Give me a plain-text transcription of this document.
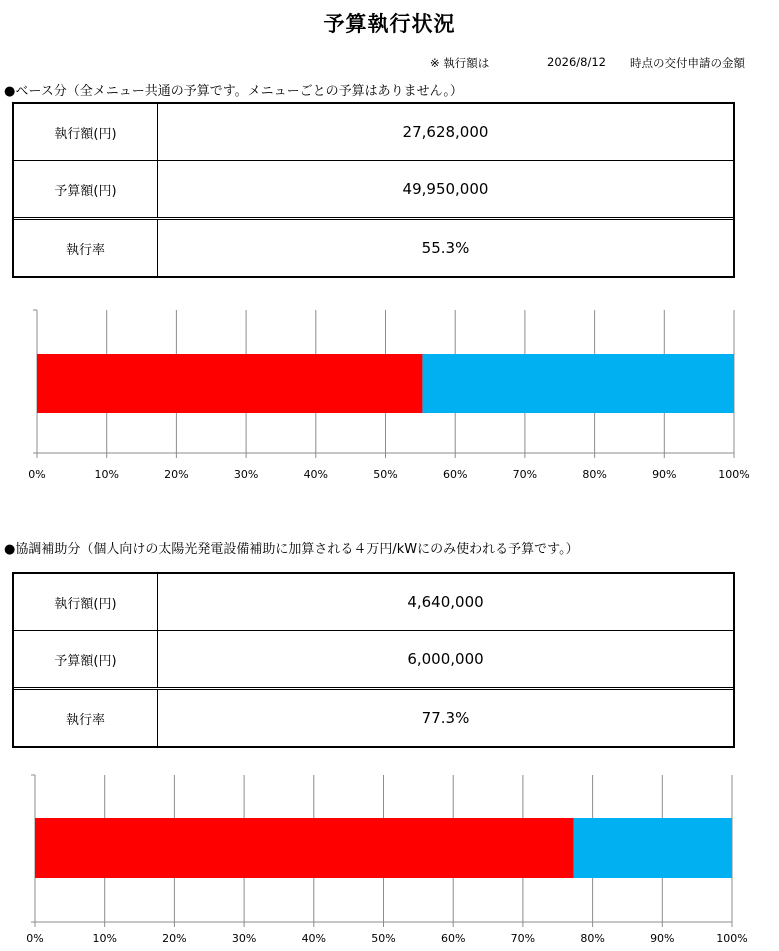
予算執行状況
※ 執行額は	2026/8/12 時点の交付申請の金額
●ベース分（全メニュー共通の予算です。メニューごとの予算はありません。）
執行額(円)	27,628,000
予算額(円)	49,950,000
執行率	55.3%
0%	10%	20%	30%	40%	50%	60%	70%	80%	90%	100%
●協調補助分（個人向けの太陽光発電設備補助に加算される４万円/kWにのみ使われる予算です。）
執行額(円)	4,640,000
予算額(円)	6,000,000
執行率	77.3%
0%	10%	20%	30%	40%	50%	60%	70%	80%	90%	100%
